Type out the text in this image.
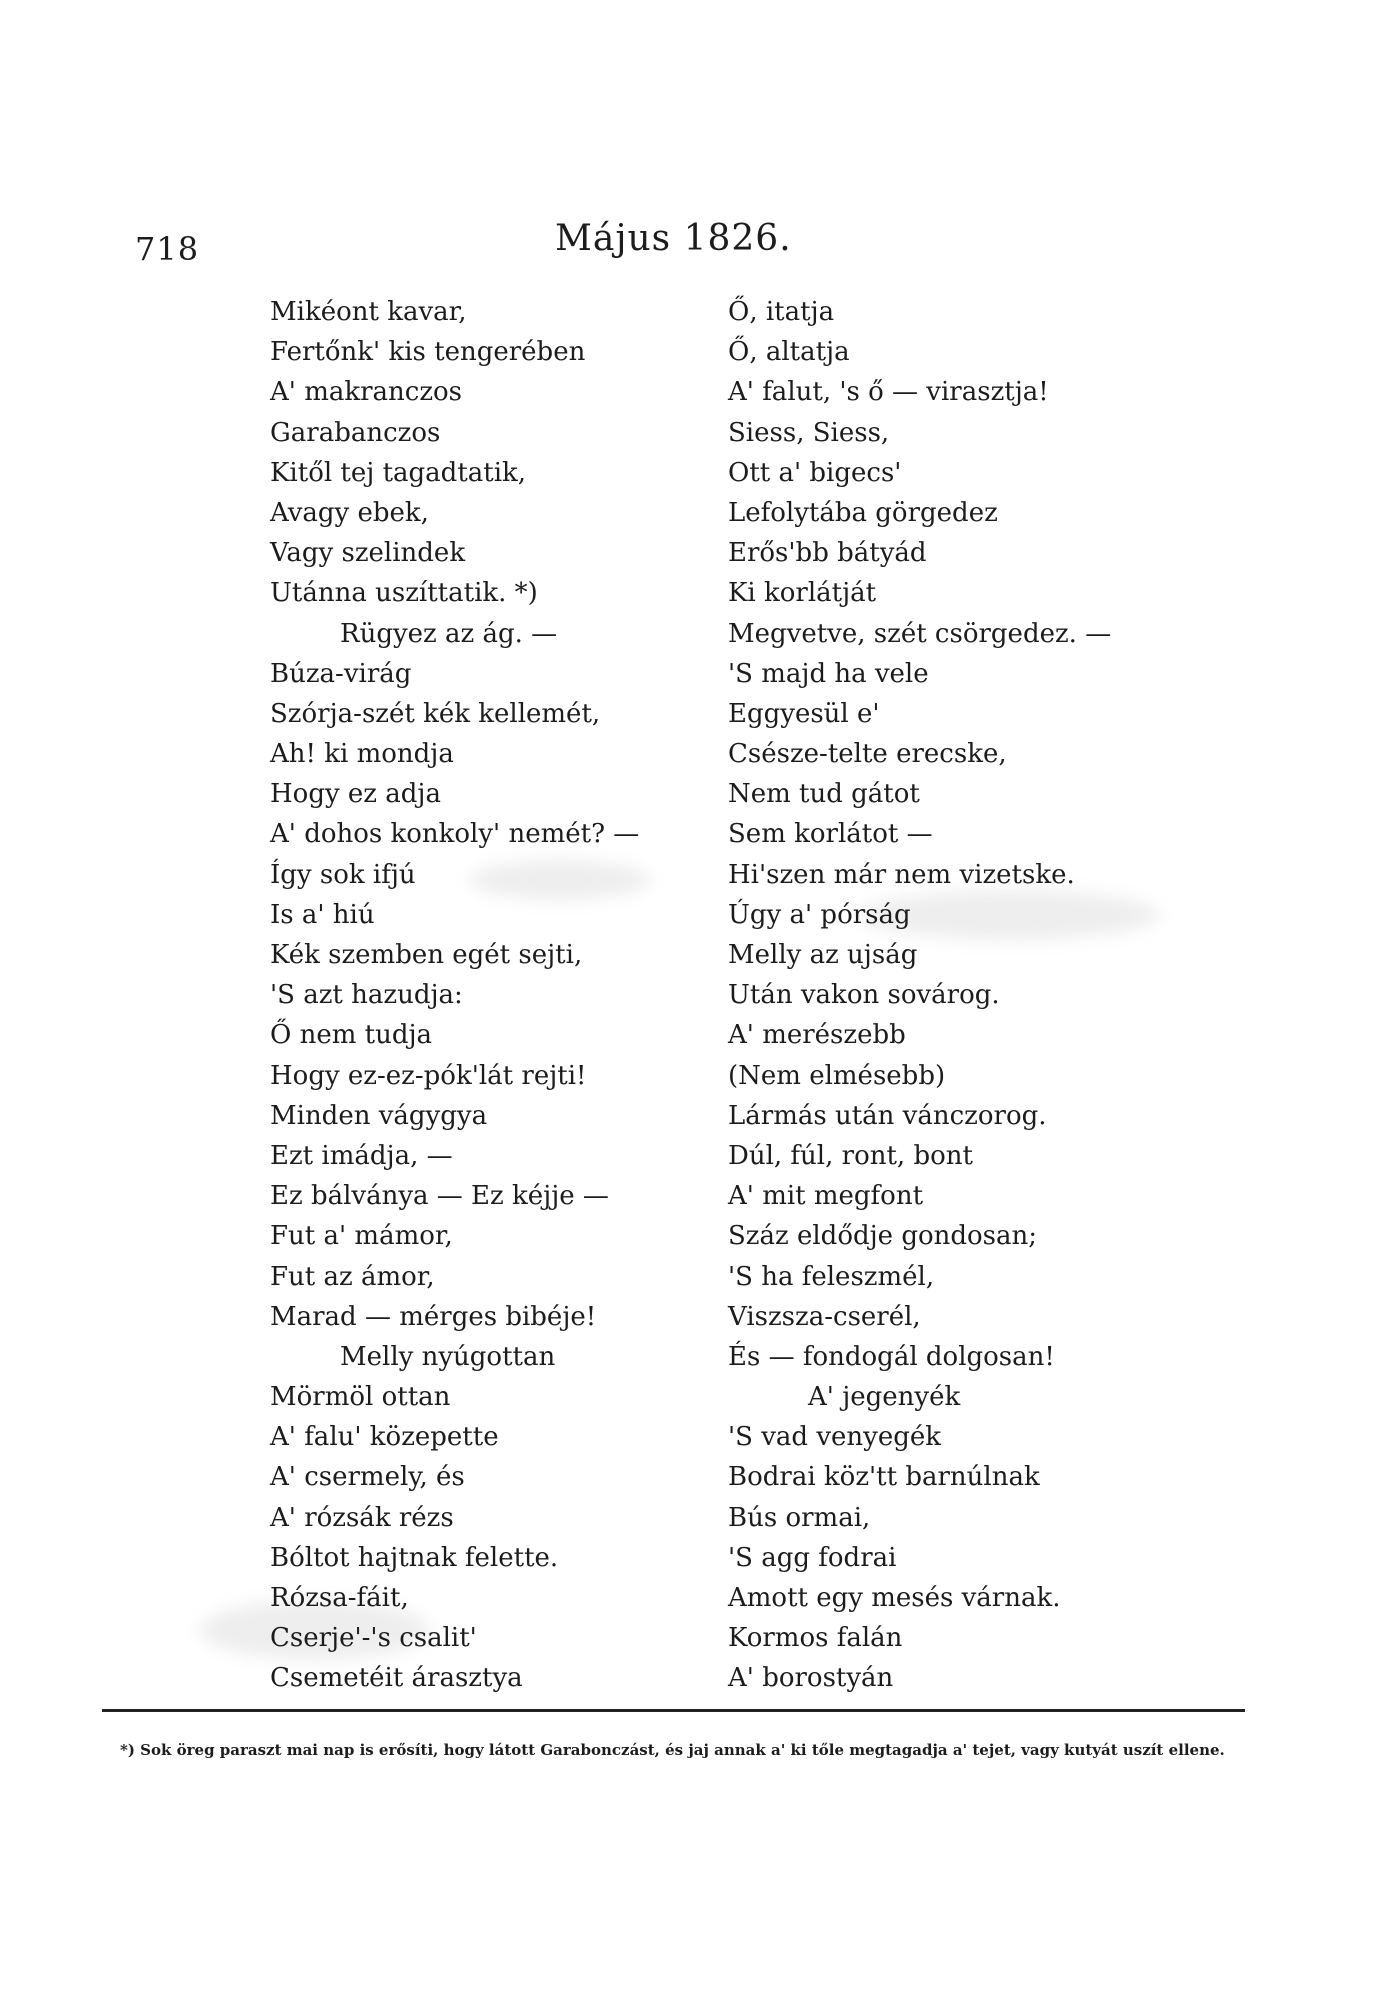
718	Május 1826.
Mikéont kavar,
Fertőnk' kis tengerében
A' makranczos
Garabanczos
Kitől tej tagadtatik,
Avagy ebek,
Vagy szelindek
Utánna uszíttatik. *)
Rügyez az ág. —
Búza-virág
Szórja-szét kék kellemét,
Ah! ki mondja
Hogy ez adja
A' dohos konkoly' nemét? —
Így sok ifjú
Is a' hiú
Kék szemben egét sejti,
'S azt hazudja:
Ő nem tudja
Hogy ez-ez-pók'lát rejti!
Minden vágygya
Ezt imádja, —
Ez bálványa — Ez kéjje —
Fut a' mámor,
Fut az ámor,
Marad — mérges bibéje!
Melly nyúgottan
Mörmöl ottan
A' falu' közepette
A' csermely, és
A' rózsák rézs
Bóltot hajtnak felette.
Rózsa-fáit,
Cserje'-'s csalit'
Csemetéit árasztya
Ő, itatja
Ő, altatja
A' falut, 's ő — virasztja!
Siess, Siess,
Ott a' bigecs'
Lefolytába görgedez
Erős'bb bátyád
Ki korlátját
Megvetve, szét csörgedez. —
'S majd ha vele
Eggyesül e'
Csésze-telte erecske,
Nem tud gátot
Sem korlátot —
Hi'szen már nem vizetske.
Úgy a' pórság
Melly az ujság
Után vakon sovárog.
A' merészebb
(Nem elmésebb)
Lármás után vánczorog.
Dúl, fúl, ront, bont
A' mit megfont
Száz eldődje gondosan;
'S ha feleszmél,
Viszsza-cserél,
És — fondogál dolgosan!
A' jegenyék
'S vad venyegék
Bodrai köz'tt barnúlnak
Bús ormai,
'S agg fodrai
Amott egy mesés várnak.
Kormos falán
A' borostyán
*) Sok öreg paraszt mai nap is erősíti, hogy látott Garabonczást, és jaj annak a' ki tőle megtagadja a' tejet, vagy kutyát uszít ellene.
